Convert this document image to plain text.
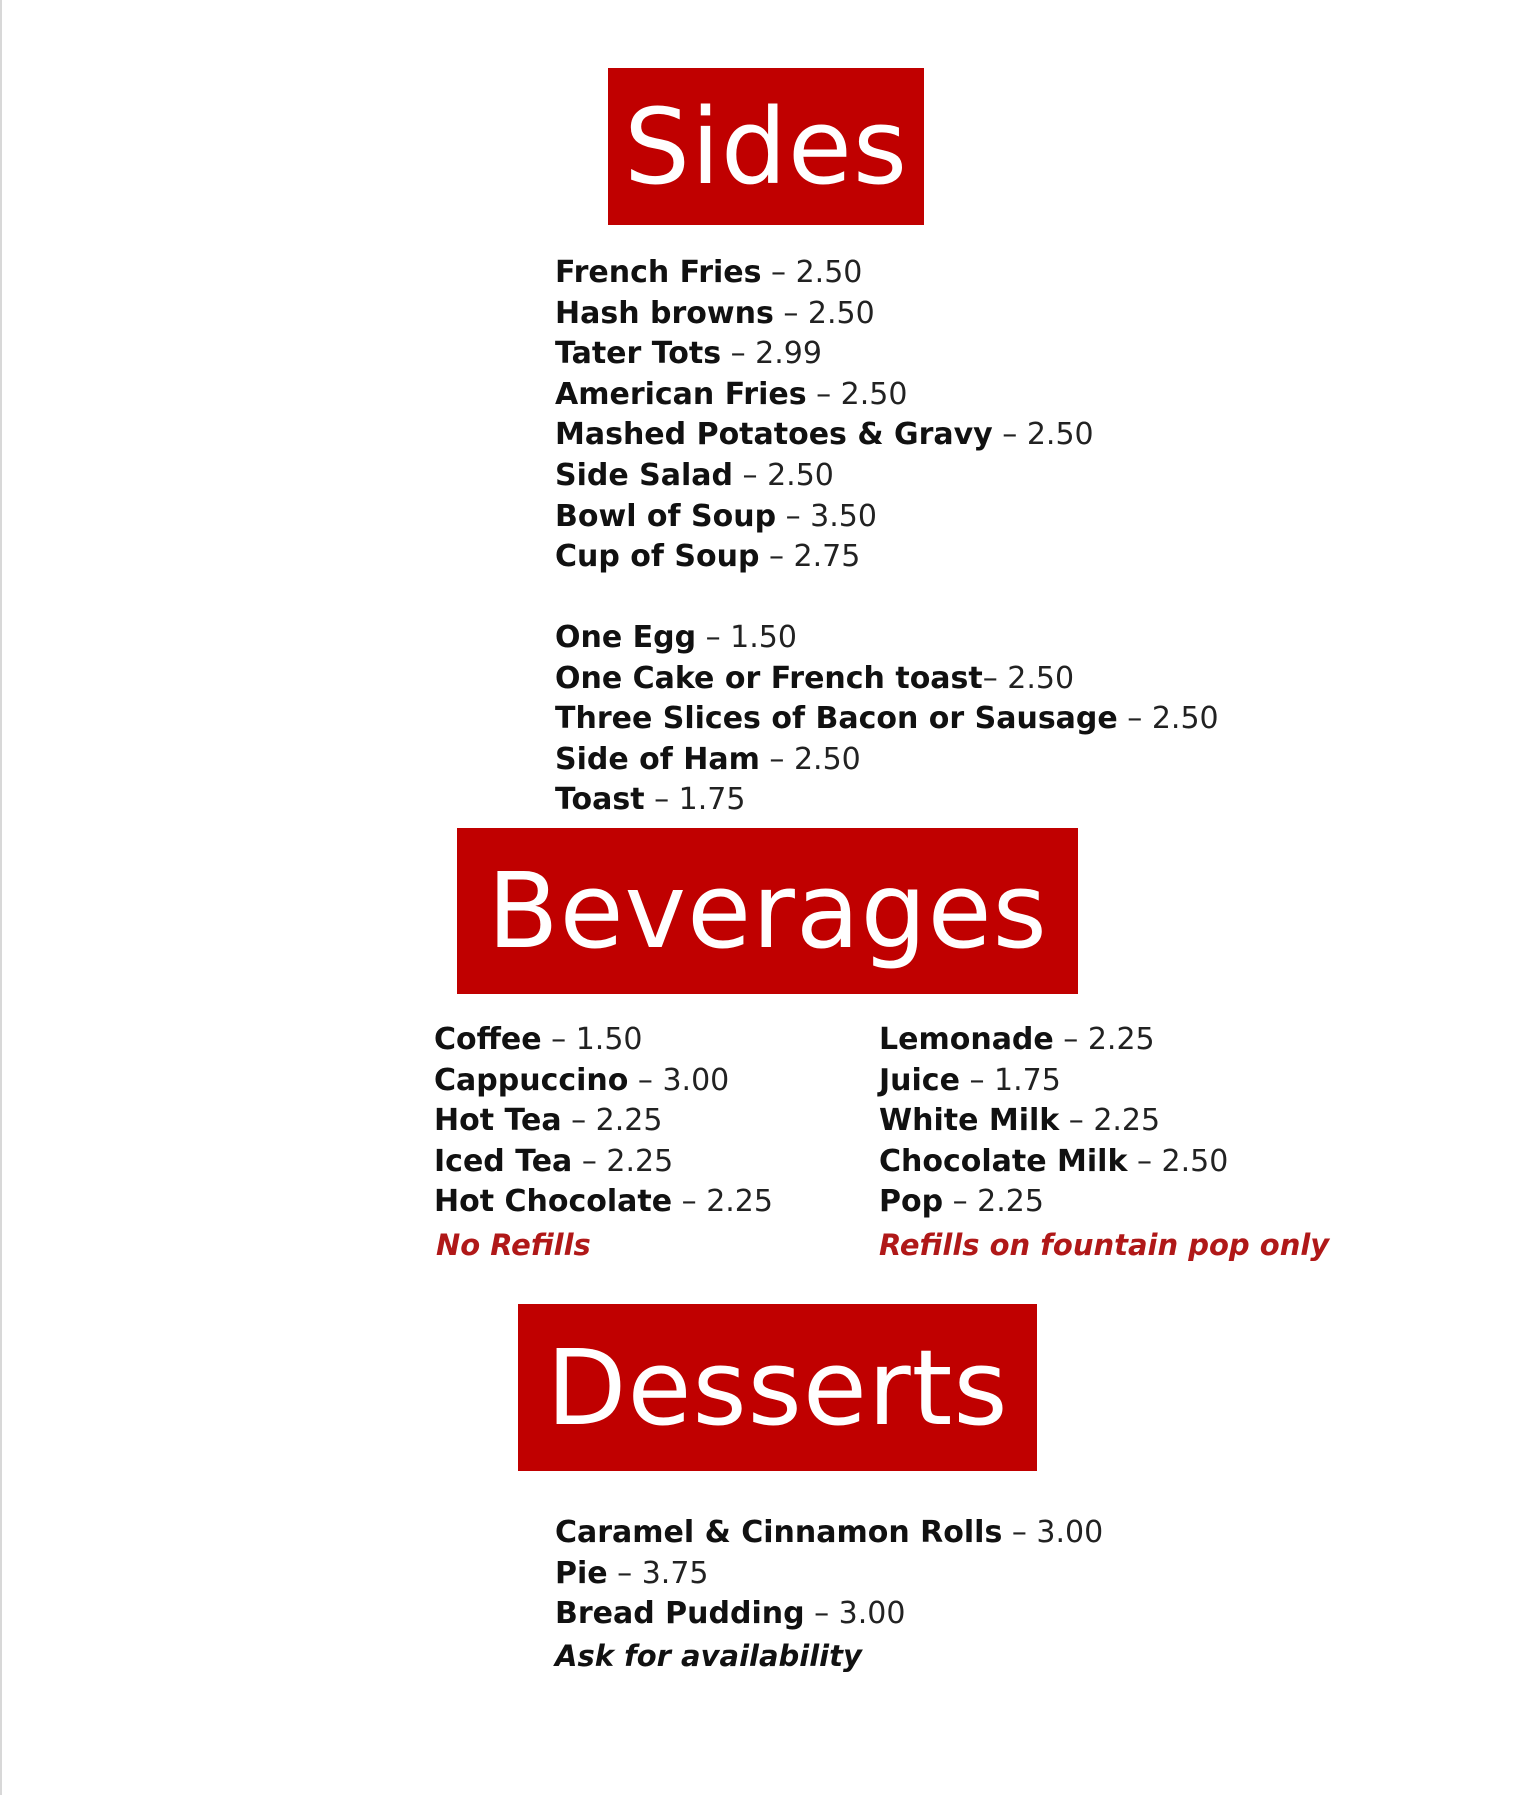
Sides
French Fries – 2.50
Hash browns – 2.50
Tater Tots – 2.99
American Fries – 2.50
Mashed Potatoes & Gravy – 2.50
Side Salad – 2.50
Bowl of Soup – 3.50
Cup of Soup – 2.75
One Egg – 1.50
One Cake or French toast– 2.50
Three Slices of Bacon or Sausage – 2.50
Side of Ham – 2.50
Toast – 1.75
Beverages
Coffee – 1.50
Cappuccino – 3.00
Hot Tea – 2.25
Iced Tea – 2.25
Hot Chocolate – 2.25
Lemonade – 2.25
Juice – 1.75
White Milk – 2.25
Chocolate Milk – 2.50
Pop – 2.25
No Refills	Refills on fountain pop only
Desserts
Caramel & Cinnamon Rolls – 3.00
Pie – 3.75
Bread Pudding – 3.00
Ask for availability
